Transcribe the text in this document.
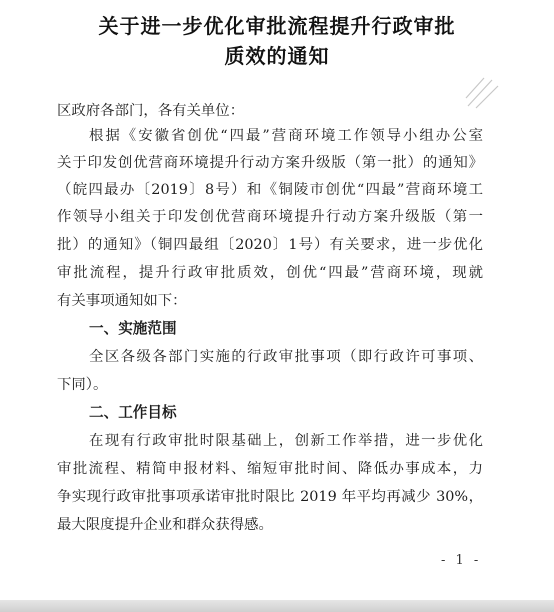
关于进一步优化审批流程提升行政审批
质效的通知
区政府各部门，各有关单位：
根据《安徽省创优“四最”营商环境工作领导小组办公室
关于印发创优营商环境提升行动方案升级版（第一批）的通知》
（皖四最办〔2019〕8号）和《铜陵市创优“四最”营商环境工
作领导小组关于印发创优营商环境提升行动方案升级版（第一
批）的通知》（铜四最组〔2020〕1号）有关要求，进一步优化
审批流程，提升行政审批质效，创优“四最”营商环境，现就
有关事项通知如下：
一、实施范围
全区各级各部门实施的行政审批事项（即行政许可事项、
下同）。
二、工作目标
在现有行政审批时限基础上，创新工作举措，进一步优化
审批流程、精简申报材料、缩短审批时间、降低办事成本，力
争实现行政审批事项承诺审批时限比 2019 年平均再减少 30%，
最大限度提升企业和群众获得感。
- 1 -
